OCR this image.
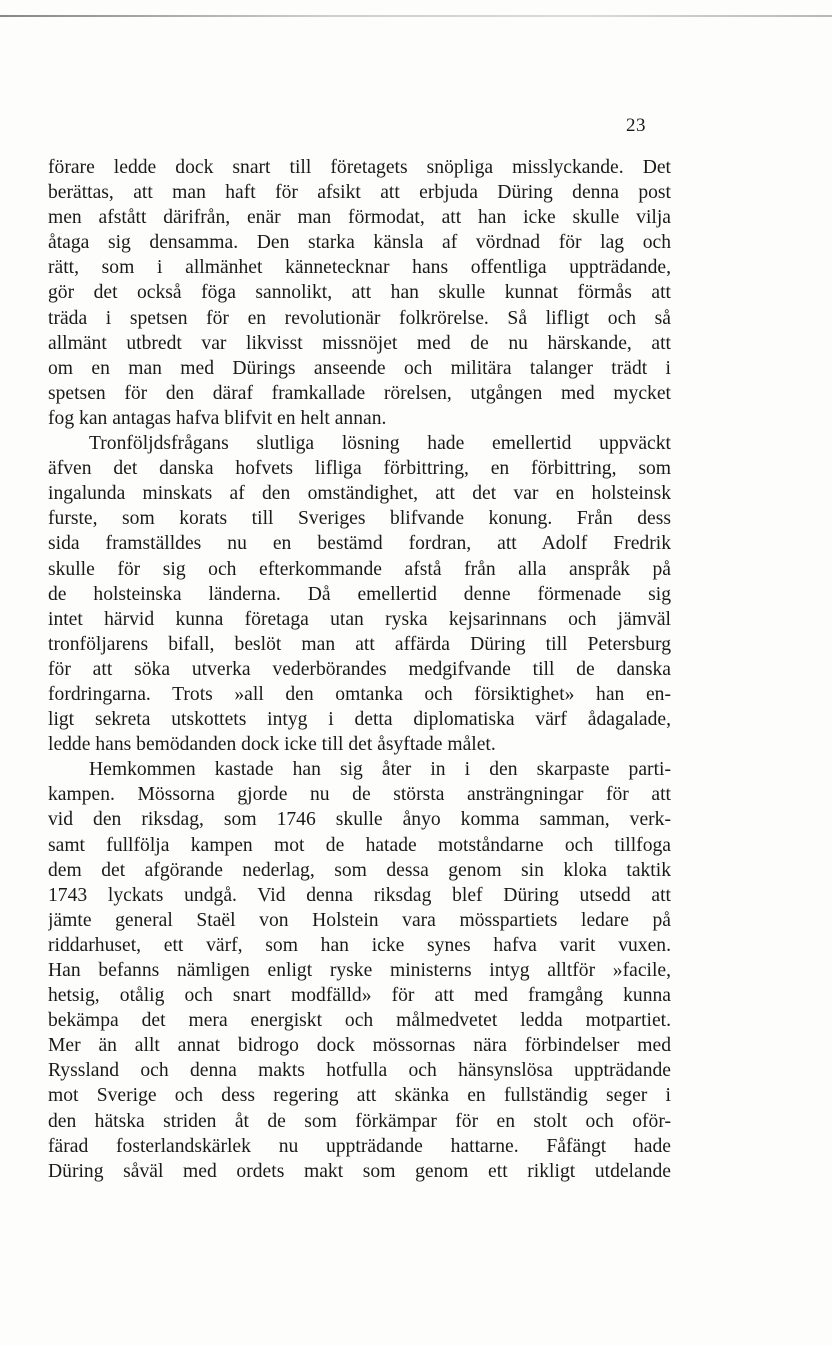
23
förare ledde dock snart till företagets snöpliga misslyckande. Det
berättas, att man haft för afsikt att erbjuda Düring denna post
men afstått därifrån, enär man förmodat, att han icke skulle vilja
åtaga sig densamma. Den starka känsla af vördnad för lag och
rätt, som i allmänhet kännetecknar hans offentliga uppträdande,
gör det också föga sannolikt, att han skulle kunnat förmås att
träda i spetsen för en revolutionär folkrörelse. Så lifligt och så
allmänt utbredt var likvisst missnöjet med de nu härskande, att
om en man med Dürings anseende och militära talanger trädt i
spetsen för den däraf framkallade rörelsen, utgången med mycket
fog kan antagas hafva blifvit en helt annan.
Tronföljdsfrågans slutliga lösning hade emellertid uppväckt
äfven det danska hofvets lifliga förbittring, en förbittring, som
ingalunda minskats af den omständighet, att det var en holsteinsk
furste, som korats till Sveriges blifvande konung. Från dess
sida framställdes nu en bestämd fordran, att Adolf Fredrik
skulle för sig och efterkommande afstå från alla anspråk på
de holsteinska länderna. Då emellertid denne förmenade sig
intet härvid kunna företaga utan ryska kejsarinnans och jämväl
tronföljarens bifall, beslöt man att affärda Düring till Petersburg
för att söka utverka vederbörandes medgifvande till de danska
fordringarna. Trots »all den omtanka och försiktighet» han en-
ligt sekreta utskottets intyg i detta diplomatiska värf ådagalade,
ledde hans bemödanden dock icke till det åsyftade målet.
Hemkommen kastade han sig åter in i den skarpaste parti-
kampen. Mössorna gjorde nu de största ansträngningar för att
vid den riksdag, som 1746 skulle ånyo komma samman, verk-
samt fullfölja kampen mot de hatade motståndarne och tillfoga
dem det afgörande nederlag, som dessa genom sin kloka taktik
1743 lyckats undgå. Vid denna riksdag blef Düring utsedd att
jämte general Staël von Holstein vara mösspartiets ledare på
riddarhuset, ett värf, som han icke synes hafva varit vuxen.
Han befanns nämligen enligt ryske ministerns intyg alltför »facile,
hetsig, otålig och snart modfälld» för att med framgång kunna
bekämpa det mera energiskt och målmedvetet ledda motpartiet.
Mer än allt annat bidrogo dock mössornas nära förbindelser med
Ryssland och denna makts hotfulla och hänsynslösa uppträdande
mot Sverige och dess regering att skänka en fullständig seger i
den hätska striden åt de som förkämpar för en stolt och oför-
färad fosterlandskärlek nu uppträdande hattarne. Fåfängt hade
Düring såväl med ordets makt som genom ett rikligt utdelande
